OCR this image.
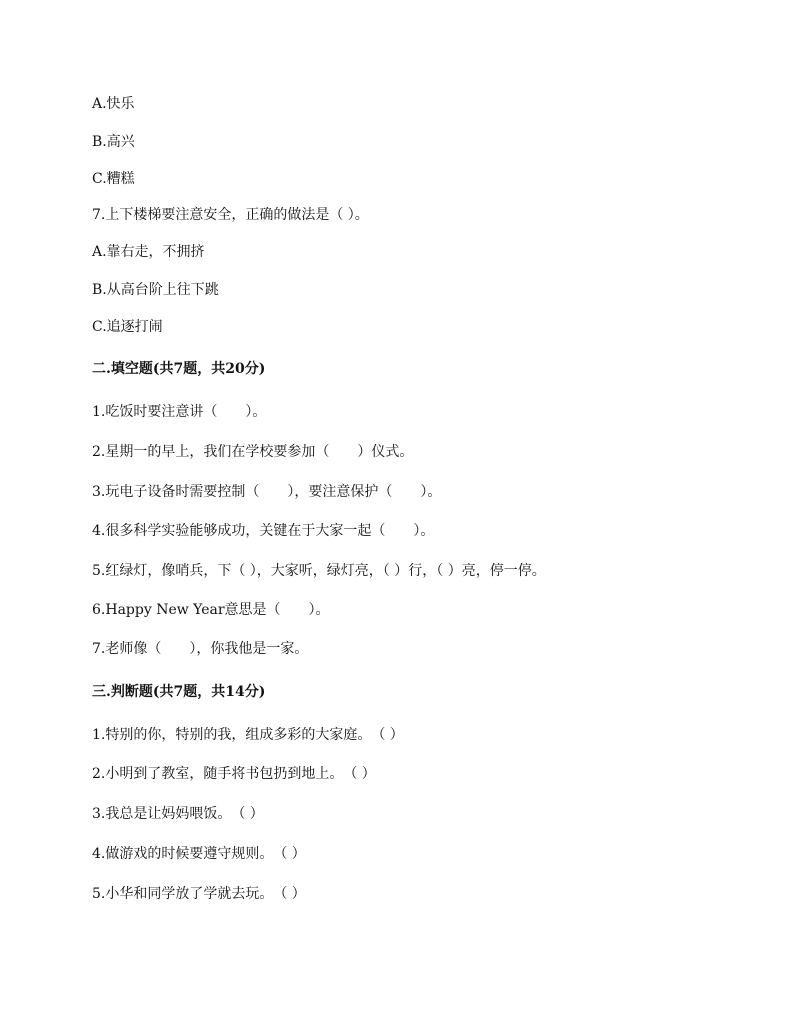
A.快乐
B.高兴
C.糟糕
7.上下楼梯要注意安全，正确的做法是（ ）。
A.靠右走，不拥挤
B.从高台阶上往下跳
C.追逐打闹
二.填空题(共7题，共20分)
1.吃饭时要注意讲（　　）。
2.星期一的早上，我们在学校要参加（　　）仪式。
3.玩电子设备时需要控制（　　），要注意保护（　　）。
4.很多科学实验能够成功，关键在于大家一起（　　）。
5.红绿灯，像哨兵，下（ ），大家听，绿灯亮，（ ）行，（ ）亮，停一停。
6.Happy New Year意思是（　　）。
7.老师像（　　），你我他是一家。
三.判断题(共7题，共14分)
1.特别的你，特别的我，组成多彩的大家庭。　（ ）
2.小明到了教室，随手将书包扔到地上。　（ ）
3.我总是让妈妈喂饭。　（ ）
4.做游戏的时候要遵守规则。　（ ）
5.小华和同学放了学就去玩。　（ ）
